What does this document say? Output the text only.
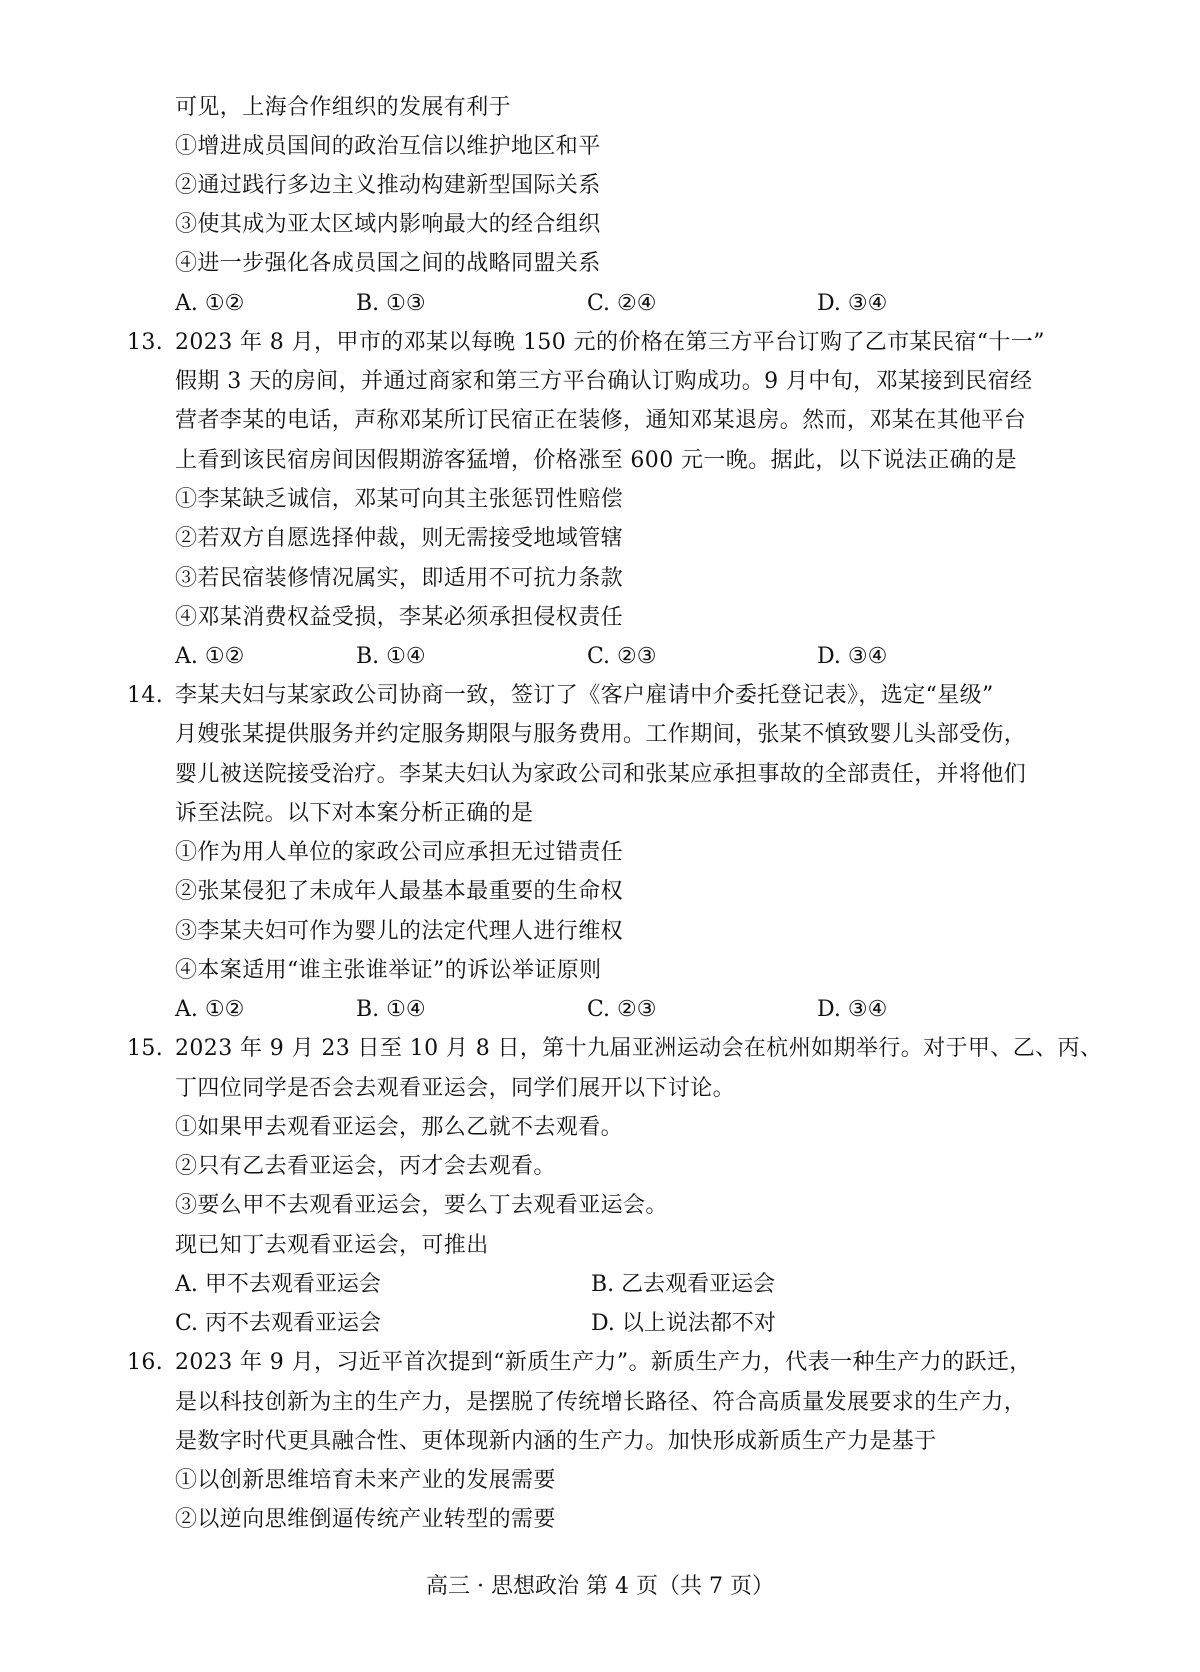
可见，上海合作组织的发展有利于
①增进成员国间的政治互信以维护地区和平
②通过践行多边主义推动构建新型国际关系
③使其成为亚太区域内影响最大的经合组织
④进一步强化各成员国之间的战略同盟关系
A. ①②	B. ①③	C. ②④	D. ③④
13. 2023 年 8 月，甲市的邓某以每晚 150 元的价格在第三方平台订购了乙市某民宿“十一”
假期 3 天的房间，并通过商家和第三方平台确认订购成功。9 月中旬，邓某接到民宿经
营者李某的电话，声称邓某所订民宿正在装修，通知邓某退房。然而，邓某在其他平台
上看到该民宿房间因假期游客猛增，价格涨至 600 元一晚。据此，以下说法正确的是
①李某缺乏诚信，邓某可向其主张惩罚性赔偿
②若双方自愿选择仲裁，则无需接受地域管辖
③若民宿装修情况属实，即适用不可抗力条款
④邓某消费权益受损，李某必须承担侵权责任
A. ①②	B. ①④	C. ②③	D. ③④
14. 李某夫妇与某家政公司协商一致，签订了《客户雇请中介委托登记表》，选定“星级”
月嫂张某提供服务并约定服务期限与服务费用。工作期间，张某不慎致婴儿头部受伤，
婴儿被送院接受治疗。李某夫妇认为家政公司和张某应承担事故的全部责任，并将他们
诉至法院。以下对本案分析正确的是
①作为用人单位的家政公司应承担无过错责任
②张某侵犯了未成年人最基本最重要的生命权
③李某夫妇可作为婴儿的法定代理人进行维权
④本案适用“谁主张谁举证”的诉讼举证原则
A. ①②	B. ①④	C. ②③	D. ③④
15. 2023 年 9 月 23 日至 10 月 8 日，第十九届亚洲运动会在杭州如期举行。对于甲、乙、丙、
丁四位同学是否会去观看亚运会，同学们展开以下讨论。
①如果甲去观看亚运会，那么乙就不去观看。
②只有乙去看亚运会，丙才会去观看。
③要么甲不去观看亚运会，要么丁去观看亚运会。
现已知丁去观看亚运会，可推出
A. 甲不去观看亚运会	B. 乙去观看亚运会
C. 丙不去观看亚运会	D. 以上说法都不对
16. 2023 年 9 月，习近平首次提到“新质生产力”。新质生产力，代表一种生产力的跃迁，
是以科技创新为主的生产力，是摆脱了传统增长路径、符合高质量发展要求的生产力，
是数字时代更具融合性、更体现新内涵的生产力。加快形成新质生产力是基于
①以创新思维培育未来产业的发展需要
②以逆向思维倒逼传统产业转型的需要
高三 · 思想政治 第 4 页（共 7 页）
